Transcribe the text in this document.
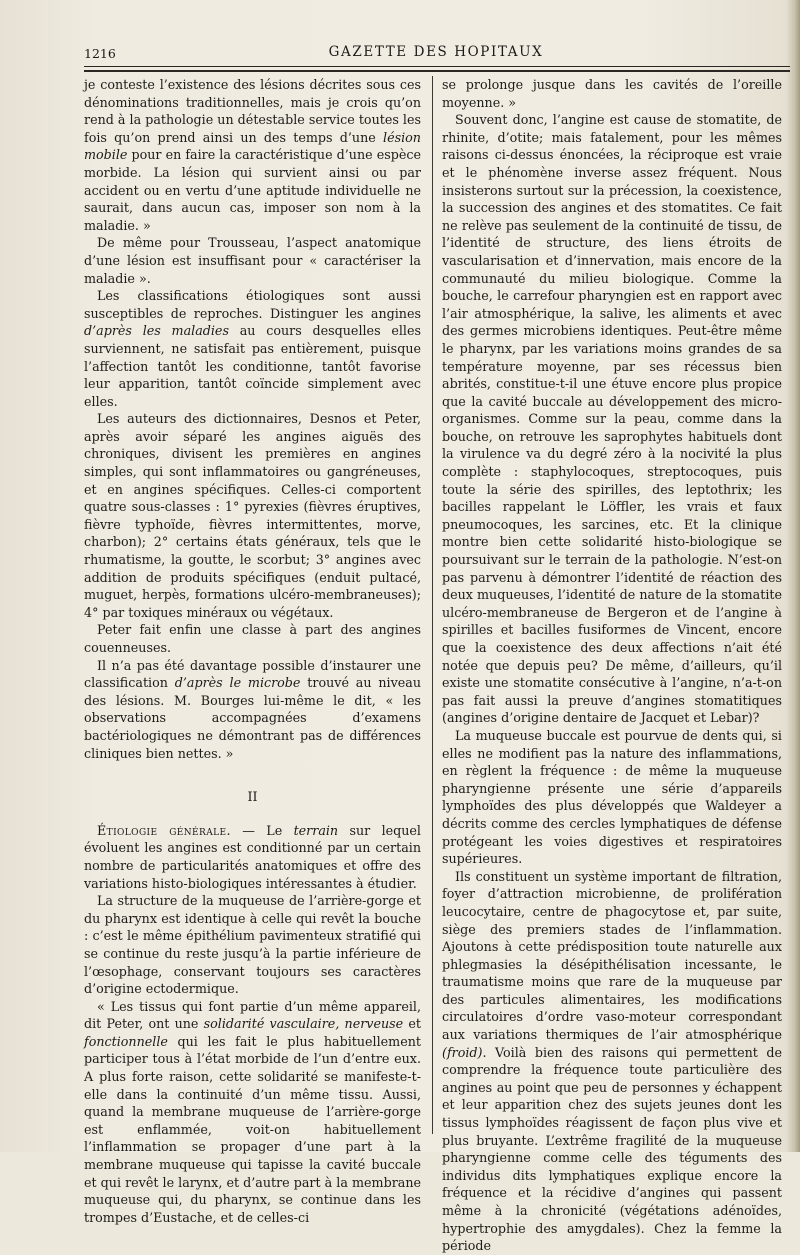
1216	GAZETTE DES HOPITAUX

je conteste l’existence des lésions décrites sous ces dénominations traditionnelles, mais je crois qu’on rend à la pathologie un détestable service toutes les fois qu’on prend ainsi un des temps d’une lésion mobile pour en faire la caractéristique d’une espèce morbide. La lésion qui survient ainsi ou par accident ou en vertu d’une aptitude individuelle ne saurait, dans aucun cas, imposer son nom à la maladie. »

De même pour Trousseau, l’aspect anatomique d’une lésion est insuffisant pour « caractériser la maladie ».

Les classifications étiologiques sont aussi susceptibles de reproches. Distinguer les angines d’après les maladies au cours desquelles elles surviennent, ne satisfait pas entièrement, puisque l’affection tantôt les conditionne, tantôt favorise leur apparition, tantôt coïncide simplement avec elles.

Les auteurs des dictionnaires, Desnos et Peter, après avoir séparé les angines aiguës des chroniques, divisent les premières en angines simples, qui sont inflammatoires ou gangréneuses, et en angines spécifiques. Celles-ci comportent quatre sous-classes : 1° pyrexies (fièvres éruptives, fièvre typhoïde, fièvres intermittentes, morve, charbon); 2° certains états généraux, tels que le rhumatisme, la goutte, le scorbut; 3° angines avec addition de produits spécifiques (enduit pultacé, muguet, herpès, formations ulcéro-membraneuses); 4° par toxiques minéraux ou végétaux.

Peter fait enfin une classe à part des angines couenneuses.

Il n’a pas été davantage possible d’instaurer une classification d’après le microbe trouvé au niveau des lésions. M. Bourges lui-même le dit, « les observations accompagnées d’examens bactériologiques ne démontrant pas de différences cliniques bien nettes. »

II

Étiologie générale. — Le terrain sur lequel évoluent les angines est conditionné par un certain nombre de particularités anatomiques et offre des variations histo-biologiques intéressantes à étudier.

La structure de la muqueuse de l’arrière-gorge et du pharynx est identique à celle qui revêt la bouche : c’est le même épithélium pavimenteux stratifié qui se continue du reste jusqu’à la partie inférieure de l’œsophage, conservant toujours ses caractères d’origine ectodermique.

« Les tissus qui font partie d’un même appareil, dit Peter, ont une solidarité vasculaire, nerveuse et fonctionnelle qui les fait le plus habituellement participer tous à l’état morbide de l’un d’entre eux. A plus forte raison, cette solidarité se manifeste-t-elle dans la continuité d’un même tissu. Aussi, quand la membrane muqueuse de l’arrière-gorge est enflammée, voit-on habituellement l’inflammation se propager d’une part à la membrane muqueuse qui tapisse la cavité buccale et qui revêt le larynx, et d’autre part à la membrane muqueuse qui, du pharynx, se continue dans les trompes d’Eustache, et de celles-ci

se prolonge jusque dans les cavités de l’oreille moyenne. »

Souvent donc, l’angine est cause de stomatite, de rhinite, d’otite; mais fatalement, pour les mêmes raisons ci-dessus énoncées, la réciproque est vraie et le phénomène inverse assez fréquent. Nous insisterons surtout sur la précession, la coexistence, la succession des angines et des stomatites. Ce fait ne relève pas seulement de la continuité de tissu, de l’identité de structure, des liens étroits de vascularisation et d’innervation, mais encore de la communauté du milieu biologique. Comme la bouche, le carrefour pharyngien est en rapport avec l’air atmosphérique, la salive, les aliments et avec des germes microbiens identiques. Peut-être même le pharynx, par les variations moins grandes de sa température moyenne, par ses récessus bien abrités, constitue-t-il une étuve encore plus propice que la cavité buccale au développement des micro-organismes. Comme sur la peau, comme dans la bouche, on retrouve les saprophytes habituels dont la virulence va du degré zéro à la nocivité la plus complète : staphylocoques, streptocoques, puis toute la série des spirilles, des leptothrix; les bacilles rappelant le Löffler, les vrais et faux pneumocoques, les sarcines, etc. Et la clinique montre bien cette solidarité histo-biologique se poursuivant sur le terrain de la pathologie. N’est-on pas parvenu à démontrer l’identité de réaction des deux muqueuses, l’identité de nature de la stomatite ulcéro-membraneuse de Bergeron et de l’angine à spirilles et bacilles fusiformes de Vincent, encore que la coexistence des deux affections n’ait été notée que depuis peu? De même, d’ailleurs, qu’il existe une stomatite consécutive à l’angine, n’a-t-on pas fait aussi la preuve d’angines stomatitiques (angines d’origine dentaire de Jacquet et Lebar)?

La muqueuse buccale est pourvue de dents qui, si elles ne modifient pas la nature des inflammations, en règlent la fréquence : de même la muqueuse pharyngienne présente une série d’appareils lymphoïdes des plus développés que Waldeyer a décrits comme des cercles lymphatiques de défense protégeant les voies digestives et respiratoires supérieures.

Ils constituent un système important de filtration, foyer d’attraction microbienne, de prolifération leucocytaire, centre de phagocytose et, par suite, siège des premiers stades de l’inflammation. Ajoutons à cette prédisposition toute naturelle aux phlegmasies la désépithélisation incessante, le traumatisme moins que rare de la muqueuse par des particules alimentaires, les modifications circulatoires d’ordre vaso-moteur correspondant aux variations thermiques de l’air atmosphérique (froid). Voilà bien des raisons qui permettent de comprendre la fréquence toute particulière des angines au point que peu de personnes y échappent et leur apparition chez des sujets jeunes dont les tissus lymphoïdes réagissent de façon plus vive et plus bruyante. L’extrême fragilité de la muqueuse pharyngienne comme celle des téguments des individus dits lymphatiques explique encore la fréquence et la récidive d’angines qui passent même à la chronicité (végétations adénoïdes, hypertrophie des amygdales). Chez la femme la période
